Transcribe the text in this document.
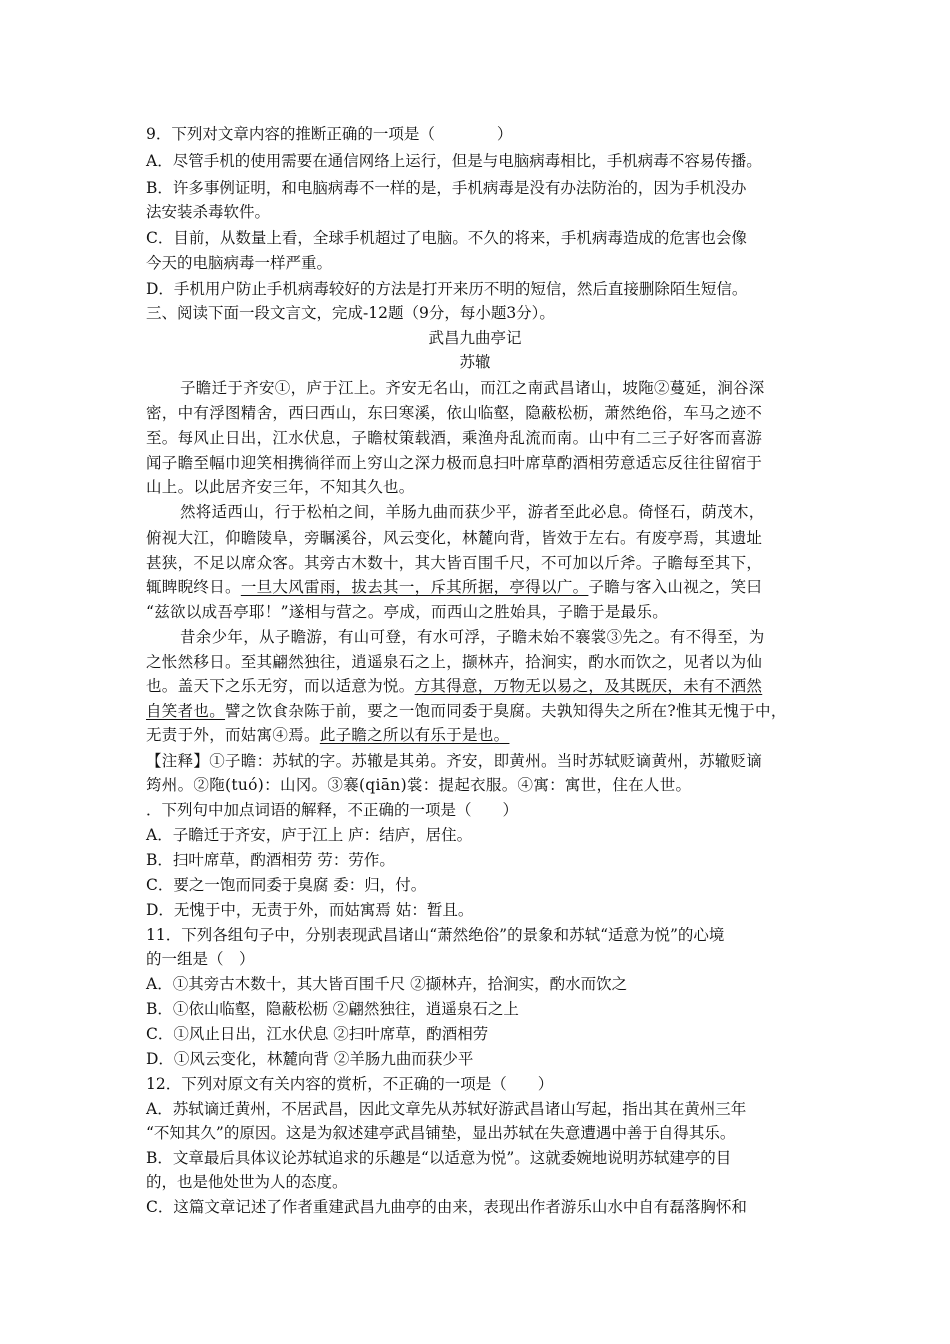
9．下列对文章内容的推断正确的一项是（　　　　）
A．尽管手机的使用需要在通信网络上运行，但是与电脑病毒相比，手机病毒不容易传播。
B．许多事例证明，和电脑病毒不一样的是，手机病毒是没有办法防治的，因为手机没办
法安装杀毒软件。
C．目前，从数量上看，全球手机超过了电脑。不久的将来，手机病毒造成的危害也会像
今天的电脑病毒一样严重。
D．手机用户防止手机病毒较好的方法是打开来历不明的短信，然后直接删除陌生短信。
三、阅读下面一段文言文，完成-12题（9分，每小题3分）。
武昌九曲亭记
苏辙
子瞻迁于齐安①，庐于江上。齐安无名山，而江之南武昌诸山，坡陁②蔓延，涧谷深
密，中有浮图精舍，西曰西山，东曰寒溪，依山临壑，隐蔽松枥，萧然绝俗，车马之迹不
至。每风止日出，江水伏息，子瞻杖策载酒，乘渔舟乱流而南。山中有二三子好客而喜游
闻子瞻至幅巾迎笑相携徜徉而上穷山之深力极而息扫叶席草酌酒相劳意适忘反往往留宿于
山上。以此居齐安三年，不知其久也。
然将适西山，行于松柏之间，羊肠九曲而获少平，游者至此必息。倚怪石，荫茂木，
俯视大江，仰瞻陵阜，旁瞩溪谷，风云变化，林麓向背，皆效于左右。有废亭焉，其遗址
甚狭，不足以席众客。其旁古木数十，其大皆百围千尺，不可加以斤斧。子瞻每至其下，
辄睥睨终日。一旦大风雷雨，拔去其一，斥其所据，亭得以广。子瞻与客入山视之，笑曰
“兹欲以成吾亭耶！”遂相与营之。亭成，而西山之胜始具，子瞻于是最乐。
昔余少年，从子瞻游，有山可登，有水可浮，子瞻未始不褰裳③先之。有不得至，为
之怅然移日。至其翩然独往，逍遥泉石之上，撷林卉，拾涧实，酌水而饮之，见者以为仙
也。盖天下之乐无穷，而以适意为悦。方其得意，万物无以易之，及其既厌，未有不洒然
自笑者也。譬之饮食杂陈于前，要之一饱而同委于臭腐。夫孰知得失之所在?惟其无愧于中，
无责于外，而姑寓④焉。此子瞻之所以有乐于是也。
【注释】①子瞻：苏轼的字。苏辙是其弟。齐安，即黄州。当时苏轼贬谪黄州，苏辙贬谪
筠州。②陁(tuó)：山冈。③褰(qiān)裳：提起衣服。④寓：寓世，住在人世。
．下列句中加点词语的解释，不正确的一项是（　　）
A．子瞻迁于齐安，庐于江上 庐：结庐，居住。
B．扫叶席草，酌酒相劳 劳：劳作。
C．要之一饱而同委于臭腐 委：归，付。
D．无愧于中，无责于外，而姑寓焉 姑：暂且。
11．下列各组句子中，分别表现武昌诸山“萧然绝俗”的景象和苏轼“适意为悦”的心境
的一组是（　）
A．①其旁古木数十，其大皆百围千尺 ②撷林卉，拾涧实，酌水而饮之
B．①依山临壑，隐蔽松枥 ②翩然独往，逍遥泉石之上
C．①风止日出，江水伏息 ②扫叶席草，酌酒相劳
D．①风云变化，林麓向背 ②羊肠九曲而获少平
12．下列对原文有关内容的赏析，不正确的一项是（　　）
A．苏轼谪迁黄州，不居武昌，因此文章先从苏轼好游武昌诸山写起，指出其在黄州三年
“不知其久”的原因。这是为叙述建亭武昌铺垫，显出苏轼在失意遭遇中善于自得其乐。
B．文章最后具体议论苏轼追求的乐趣是“以适意为悦”。这就委婉地说明苏轼建亭的目
的，也是他处世为人的态度。
C．这篇文章记述了作者重建武昌九曲亭的由来，表现出作者游乐山水中自有磊落胸怀和
